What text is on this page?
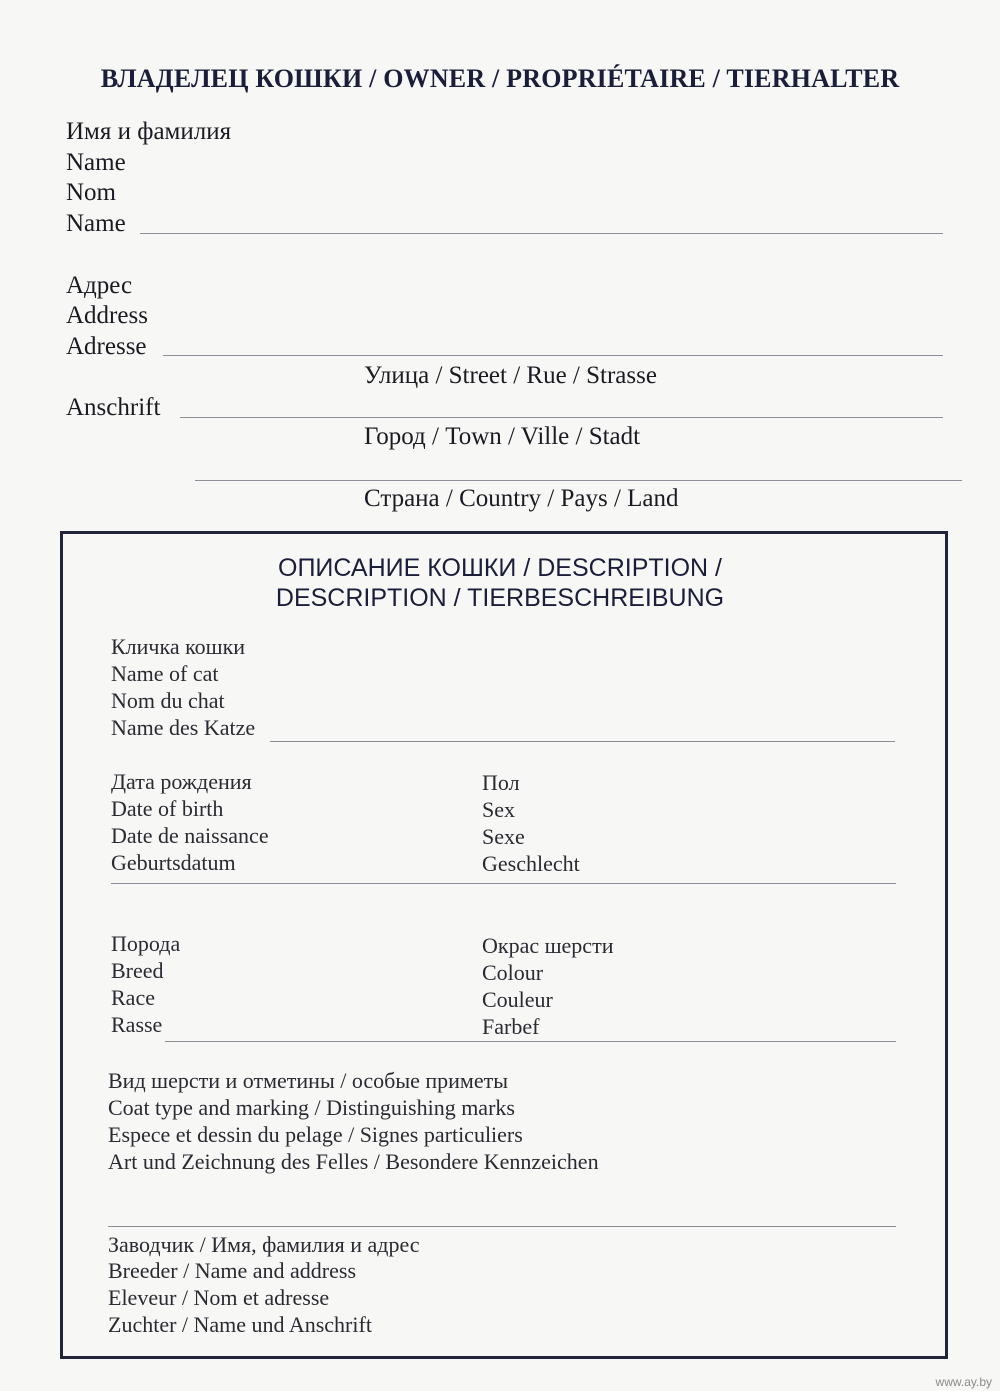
ВЛАДЕЛЕЦ КОШКИ / OWNER / PROPRIÉTAIRE / TIERHALTER
Имя и фамилия
Name
Nom
Name
Адрес
Address
Adresse
Улица / Street / Rue / Strasse
Anschrift
Город / Town / Ville / Stadt
Страна / Country / Pays / Land
ОПИСАНИЕ КОШКИ / DESCRIPTION /
DESCRIPTION / TIERBESCHREIBUNG
Кличка кошки
Name of cat
Nom du chat
Name des Katze
Дата рождения
Date of birth
Date de naissance
Geburtsdatum
Пол
Sex
Sexe
Geschlecht
Порода
Breed
Race
Rasse
Окрас шерсти
Colour
Couleur
Farbef
Вид шерсти и отметины / особые приметы
Coat type and marking / Distinguishing marks
Espece et dessin du pelage / Signes particuliers
Art und Zeichnung des Felles / Besondere Kennzeichen
Заводчик / Имя, фамилия и адрес
Breeder / Name and address
Eleveur / Nom et adresse
Zuchter / Name und Anschrift
www.ay.by
